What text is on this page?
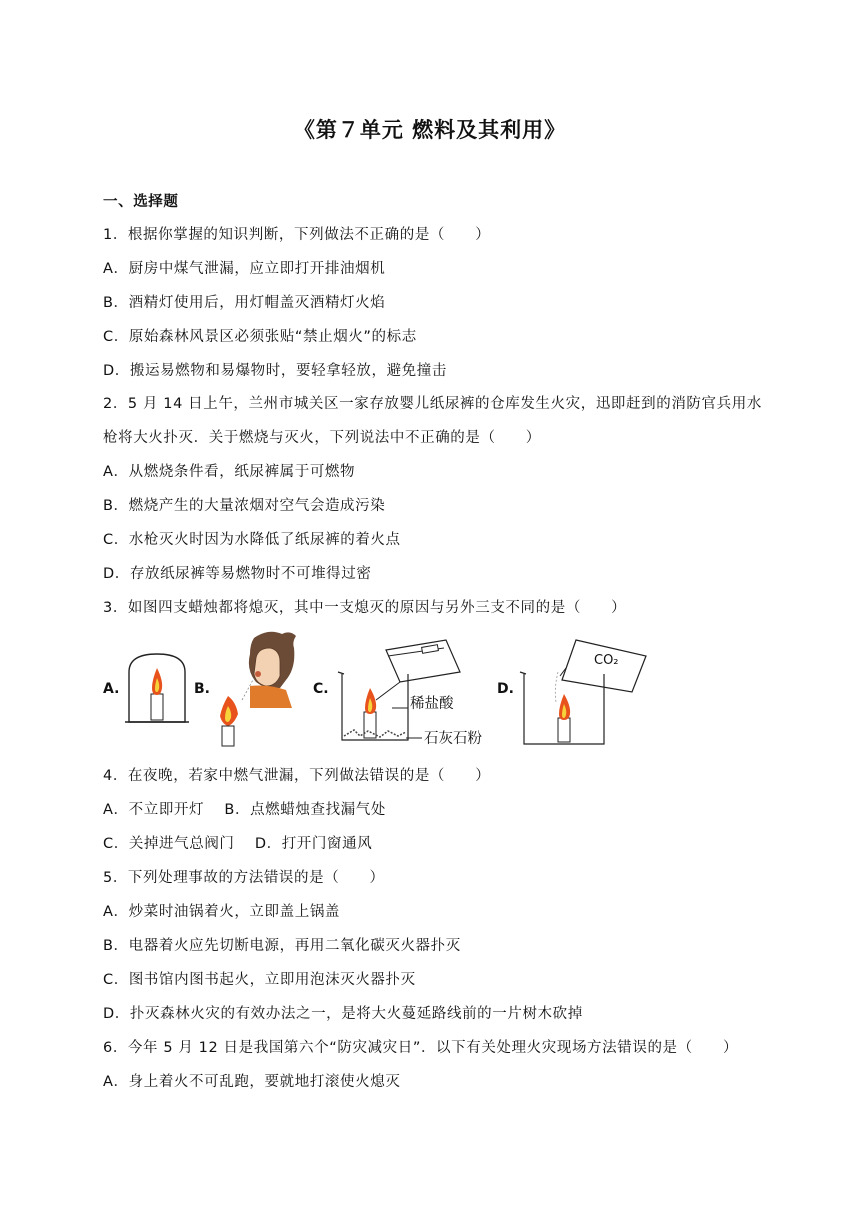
《第７单元 燃料及其利用》
一、选择题
1．根据你掌握的知识判断，下列做法不正确的是（　　）
A．厨房中煤气泄漏，应立即打开排油烟机
B．酒精灯使用后，用灯帽盖灭酒精灯火焰
C．原始森林风景区必须张贴“禁止烟火”的标志
D．搬运易燃物和易爆物时，要轻拿轻放，避免撞击
2．5 月 14 日上午，兰州市城关区一家存放婴儿纸尿裤的仓库发生火灾，迅即赶到的消防官兵用水
枪将大火扑灭．关于燃烧与灭火，下列说法中不正确的是（　　）
A．从燃烧条件看，纸尿裤属于可燃物
B．燃烧产生的大量浓烟对空气会造成污染
C．水枪灭火时因为水降低了纸尿裤的着火点
D．存放纸尿裤等易燃物时不可堆得过密
3．如图四支蜡烛都将熄灭，其中一支熄灭的原因与另外三支不同的是（　　）
A.	B.	C.	D.
稀盐酸
石灰石粉
CO₂
4．在夜晚，若家中燃气泄漏，下列做法错误的是（　　）
A．不立即开灯　 B．点燃蜡烛查找漏气处
C．关掉进气总阀门　 D．打开门窗通风
5．下列处理事故的方法错误的是（　　）
A．炒菜时油锅着火，立即盖上锅盖
B．电器着火应先切断电源，再用二氧化碳灭火器扑灭
C．图书馆内图书起火，立即用泡沫灭火器扑灭
D．扑灭森林火灾的有效办法之一，是将大火蔓延路线前的一片树木砍掉
6．今年 5 月 12 日是我国第六个“防灾减灾日”．以下有关处理火灾现场方法错误的是（　　）
A．身上着火不可乱跑，要就地打滚使火熄灭
